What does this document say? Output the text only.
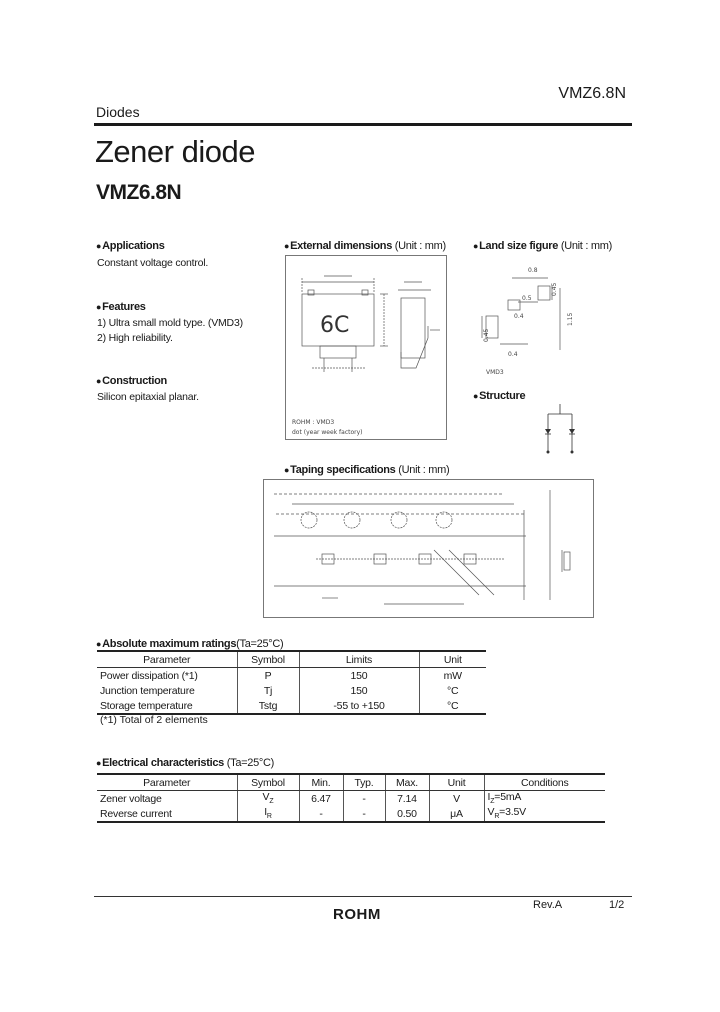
Diodes
VMZ6.8N
Zener diode
VMZ6.8N
●Applications
Constant voltage control.
●Features
1) Ultra small mold type. (VMD3)
2) High reliability.
●Construction
Silicon epitaxial planar.
●External dimensions (Unit : mm)
6C
ROHM : VMD3
dot (year week factory)
●Land size figure (Unit : mm)
0.8
0.5
0.4
0.45
1.15
0.45
0.4
VMD3
●Structure
●Taping specifications (Unit : mm)
●Absolute maximum ratings(Ta=25°C)
Parameter	Symbol	Limits	Unit
Power dissipation (*1)	P	150	mW
Junction temperature	Tj	150	°C
Storage temperature	Tstg	-55 to +150	°C
(*1) Total of 2 elements
●Electrical characteristics (Ta=25°C)
Parameter	Symbol	Min.	Typ.	Max.	Unit	Conditions
Zener voltage	$V_Z$	6.47	-	7.14	V	$I_Z=5mA$
Reverse current	$I_R$	-	-	0.50	μA	$V_R=3.5V$
Rev.A	1/2
ROHM
